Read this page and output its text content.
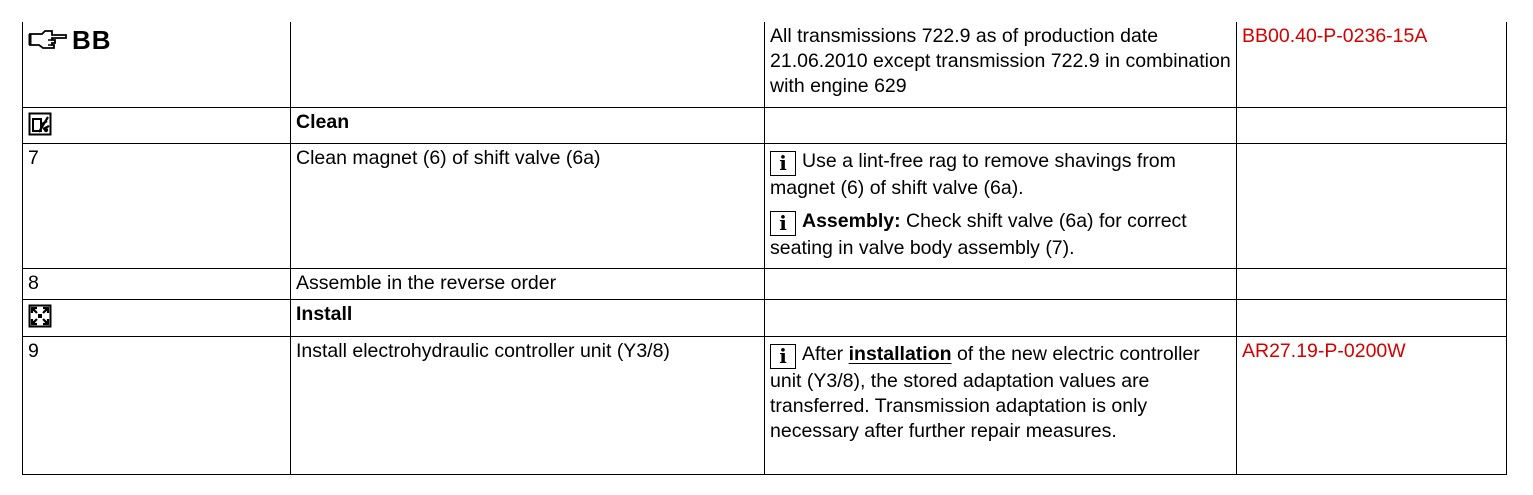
BB		All transmissions 722.9 as of production date 21.06.2010 except transmission 722.9 in combination with engine 629	BB00.40-P-0236-15A
	Clean		
7	Clean magnet (6) of shift valve (6a)	i Use a lint-free rag to remove shavings from magnet (6) of shift valve (6a).
i Assembly: Check shift valve (6a) for correct seating in valve body assembly (7).	

8	Assemble in the reverse order		
	Install		
9	Install electrohydraulic controller unit (Y3/8)	i After installation of the new electric controller unit (Y3/8), the stored adaptation values are transferred. Transmission adaptation is only necessary after further repair measures.	AR27.19-P-0200W
